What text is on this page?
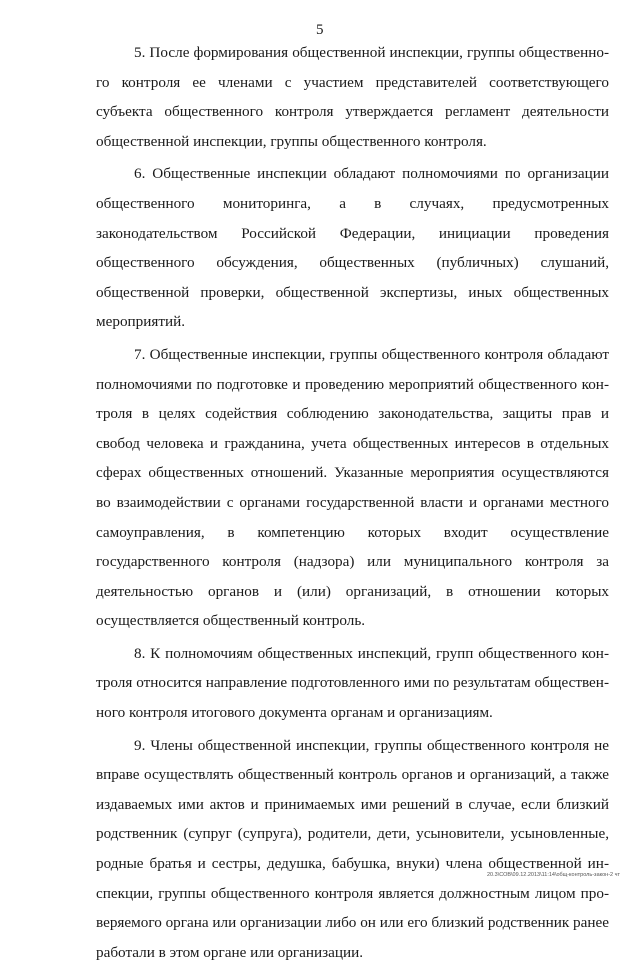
5

5. После формирования общественной инспекции, группы общественного контроля ее членами с участием представителей соответствующего субъекта общественного контроля утверждается регламент деятельности общественной инспекции, группы общественного контроля.

6. Общественные инспекции обладают полномочиями по организации общественного мониторинга, а в случаях, предусмотренных законодательством Российской Федерации, инициации проведения общественного обсуждения, общественных (публичных) слушаний, общественной проверки, общественной экспертизы, иных общественных мероприятий.

7. Общественные инспекции, группы общественного контроля обладают полномочиями по подготовке и проведению мероприятий общественного контроля в целях содействия соблюдению законодательства, защиты прав и свобод человека и гражданина, учета общественных интересов в отдельных сферах общественных отношений. Указанные мероприятия осуществляются во взаимодействии с органами государственной власти и органами местного самоуправления, в компетенцию которых входит осуществление государственного контроля (надзора) или муниципального контроля за деятельностью органов и (или) организаций, в отношении которых осуществляется общественный контроль.

8. К полномочиям общественных инспекций, групп общественного контроля относится направление подготовленного ими по результатам общественного контроля итогового документа органам и организациям.

9. Члены общественной инспекции, группы общественного контроля не вправе осуществлять общественный контроль органов и организаций, а также издаваемых ими актов и принимаемых ими решений в случае, если близкий родственник (супруг (супруга), родители, дети, усыновители, усыновленные, родные братья и сестры, дедушка, бабушка, внуки) члена общественной инспекции, группы общественного контроля является должностным лицом проверяемого органа или организации либо он или его близкий родственник ранее работали в этом органе или организации.

20.3\СОВ\09.12.2013\11:14\общ-контроль-закон-2 чт
